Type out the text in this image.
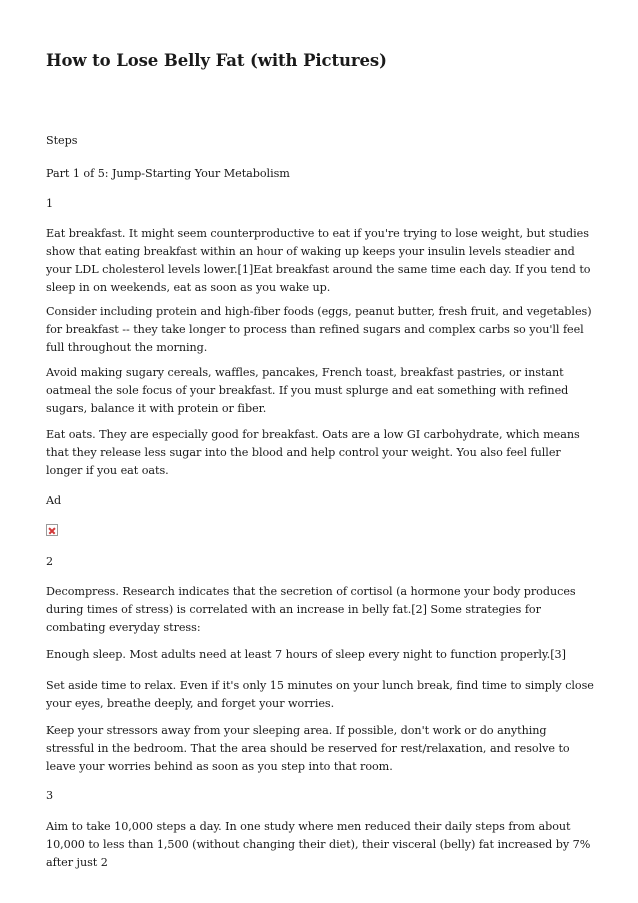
How to Lose Belly Fat (with Pictures)

Steps

Part 1 of 5: Jump-Starting Your Metabolism

1

Eat breakfast. It might seem counterproductive to eat if you're trying to lose weight, but studies show that eating breakfast within an hour of waking up keeps your insulin levels steadier and your LDL cholesterol levels lower.[1]Eat breakfast around the same time each day. If you tend to sleep in on weekends, eat as soon as you wake up.

Consider including protein and high-fiber foods (eggs, peanut butter, fresh fruit, and vegetables) for breakfast -- they take longer to process than refined sugars and complex carbs so you'll feel full throughout the morning.

Avoid making sugary cereals, waffles, pancakes, French toast, breakfast pastries, or instant oatmeal the sole focus of your breakfast. If you must splurge and eat something with refined sugars, balance it with protein or fiber.

Eat oats. They are especially good for breakfast. Oats are a low GI carbohydrate, which means that they release less sugar into the blood and help control your weight. You also feel fuller longer if you eat oats.

Ad

2

Decompress. Research indicates that the secretion of cortisol (a hormone your body produces during times of stress) is correlated with an increase in belly fat.[2] Some strategies for combating everyday stress:

Enough sleep. Most adults need at least 7 hours of sleep every night to function properly.[3]

Set aside time to relax. Even if it's only 15 minutes on your lunch break, find time to simply close your eyes, breathe deeply, and forget your worries.

Keep your stressors away from your sleeping area. If possible, don't work or do anything stressful in the bedroom. That the area should be reserved for rest/relaxation, and resolve to leave your worries behind as soon as you step into that room.

3

Aim to take 10,000 steps a day. In one study where men reduced their daily steps from about 10,000 to less than 1,500 (without changing their diet), their visceral (belly) fat increased by 7% after just 2
